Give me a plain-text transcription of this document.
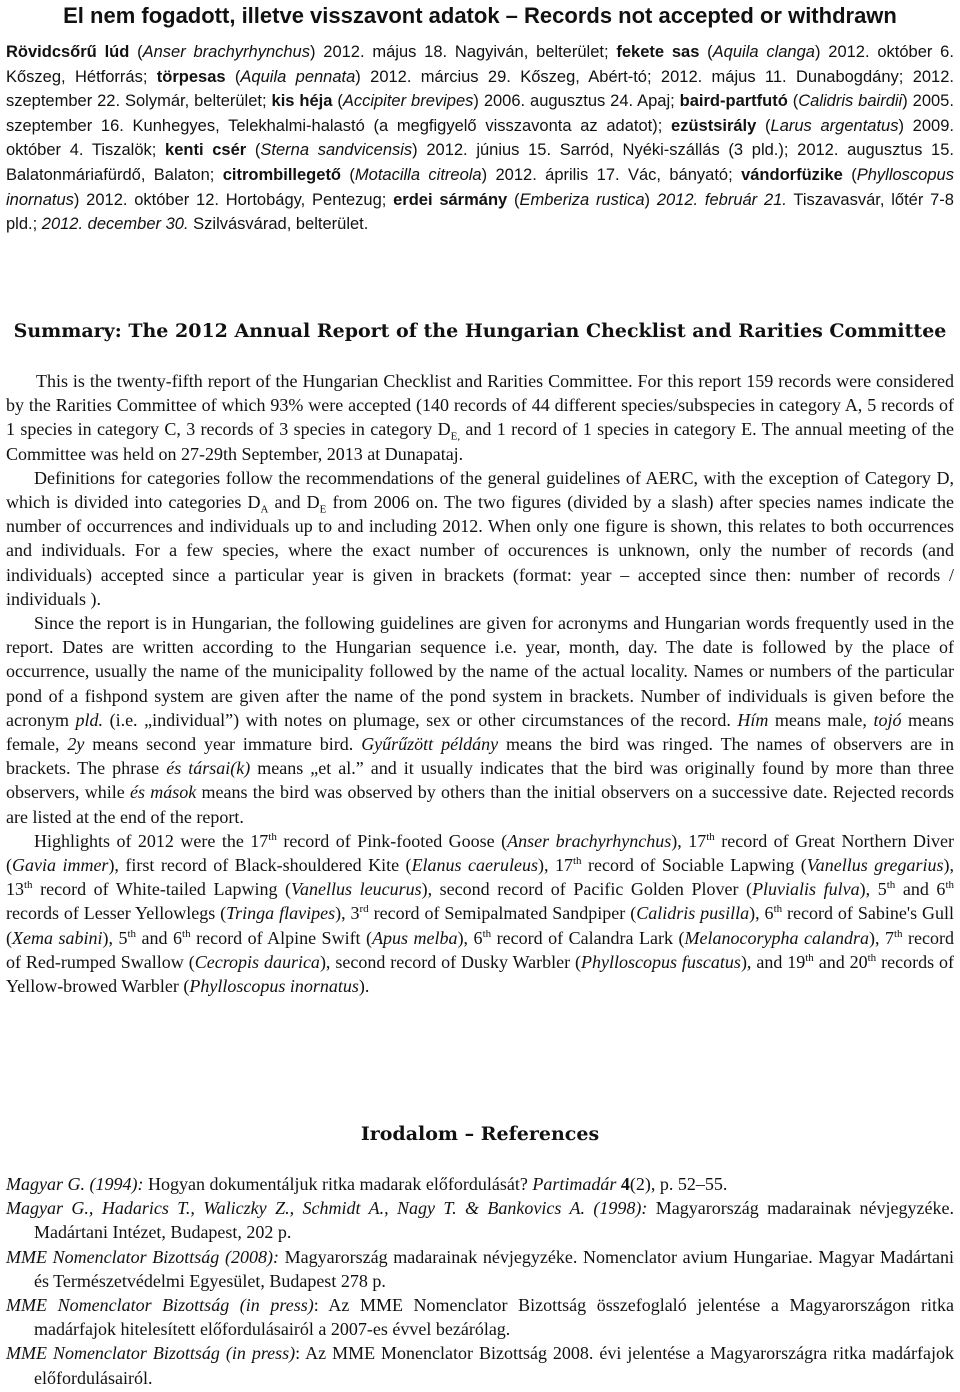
El nem fogadott, illetve visszavont adatok – Records not accepted or withdrawn
Rövidcsőrű lúd (Anser brachyrhynchus) 2012. május 18. Nagyiván, belterület; fekete sas (Aquila clanga) 2012. október 6. Kőszeg, Hétforrás; törpesas (Aquila pennata) 2012. március 29. Kőszeg, Abért-tó; 2012. május 11. Dunabogdány; 2012. szeptember 22. Solymár, belterület; kis héja (Accipiter brevipes) 2006. augusztus 24. Apaj; baird-partfutó (Calidris bairdii) 2005. szeptember 16. Kunhegyes, Telekhalmi-halastó (a megfigyelő visszavonta az adatot); ezüstsirály (Larus argentatus) 2009. október 4. Tiszalök; kenti csér (Sterna sandvicensis) 2012. június 15. Sarród, Nyéki-szállás (3 pld.); 2012. augusztus 15. Balatonmáriafürdő, Balaton; citrombillegető (Motacilla citreola) 2012. április 17. Vác, bányató; vándorfüzike (Phylloscopus inornatus) 2012. október 12. Hortobágy, Pentezug; erdei sármány (Emberiza rustica) 2012. február 21. Tiszavasvár, lőtér 7-8 pld.; 2012. december 30. Szilvásvárad, belterület.
Summary: The 2012 Annual Report of the Hungarian Checklist and Rarities Committee

This is the twenty-fifth report of the Hungarian Checklist and Rarities Committee. For this report 159 records were considered by the Rarities Committee of which 93% were accepted (140 records of 44 different species/subspecies in category A, 5 records of 1 species in category C, 3 records of 3 species in category $D_{E,}$ and 1 record of 1 species in category E. The annual meeting of the Committee was held on 27-29th September, 2013 at Dunapataj.

Definitions for categories follow the recommendations of the general guidelines of AERC, with the exception of Category D, which is divided into categories $D_A$ and $D_E$ from 2006 on. The two figures (divided by a slash) after species names indicate the number of occurrences and individuals up to and including 2012. When only one figure is shown, this relates to both occurrences and individuals. For a few species, where the exact number of occurences is unknown, only the number of records (and individuals) accepted since a particular year is given in brackets (format: year – accepted since then: number of records / individuals ).

Since the report is in Hungarian, the following guidelines are given for acronyms and Hungarian words frequently used in the report. Dates are written according to the Hungarian sequence i.e. year, month, day. The date is followed by the place of occurrence, usually the name of the municipality followed by the name of the actual locality. Names or numbers of the particular pond of a fishpond system are given after the name of the pond system in brackets. Number of individuals is given before the acronym pld. (i.e. „individual”) with notes on plumage, sex or other circumstances of the record. Hím means male, tojó means female, 2y means second year immature bird. Gyűrűzött példány means the bird was ringed. The names of observers are in brackets. The phrase és társai(k) means „et al.” and it usually indicates that the bird was originally found by more than three observers, while és mások means the bird was observed by others than the initial observers on a successive date. Rejected records are listed at the end of the report.

Highlights of 2012 were the 17th record of Pink-footed Goose (Anser brachyrhynchus), 17th record of Great Northern Diver (Gavia immer), first record of Black-shouldered Kite (Elanus caeruleus), 17th record of Sociable Lapwing (Vanellus gregarius), 13th record of White-tailed Lapwing (Vanellus leucurus), second record of Pacific Golden Plover (Pluvialis fulva), 5th and 6th records of Lesser Yellowlegs (Tringa flavipes), 3rd record of Semipalmated Sandpiper (Calidris pusilla), 6th record of Sabine's Gull (Xema sabini), 5th and 6th record of Alpine Swift (Apus melba), 6th record of Calandra Lark (Melanocorypha calandra), 7th record of Red-rumped Swallow (Cecropis daurica), second record of Dusky Warbler (Phylloscopus fuscatus), and 19th and 20th records of Yellow-browed Warbler (Phylloscopus inornatus).

Irodalom – References

Magyar G. (1994): Hogyan dokumentáljuk ritka madarak előfordulását? Partimadár 4(2), p. 52–55.

Magyar G., Hadarics T., Waliczky Z., Schmidt A., Nagy T. & Bankovics A. (1998): Magyarország madarainak névjegyzéke. Madártani Intézet, Budapest, 202 p.

MME Nomenclator Bizottság (2008): Magyarország madarainak névjegyzéke. Nomenclator avium Hungariae. Magyar Madártani és Természetvédelmi Egyesület, Budapest 278 p.

MME Nomenclator Bizottság (in press): Az MME Nomenclator Bizottság összefoglaló jelentése a Magyarországon ritka madárfajok hitelesített előfordulásairól a 2007-es évvel bezárólag.

MME Nomenclator Bizottság (in press): Az MME Monenclator Bizottság 2008. évi jelentése a Magyarországra ritka madárfajok előfordulásairól.
